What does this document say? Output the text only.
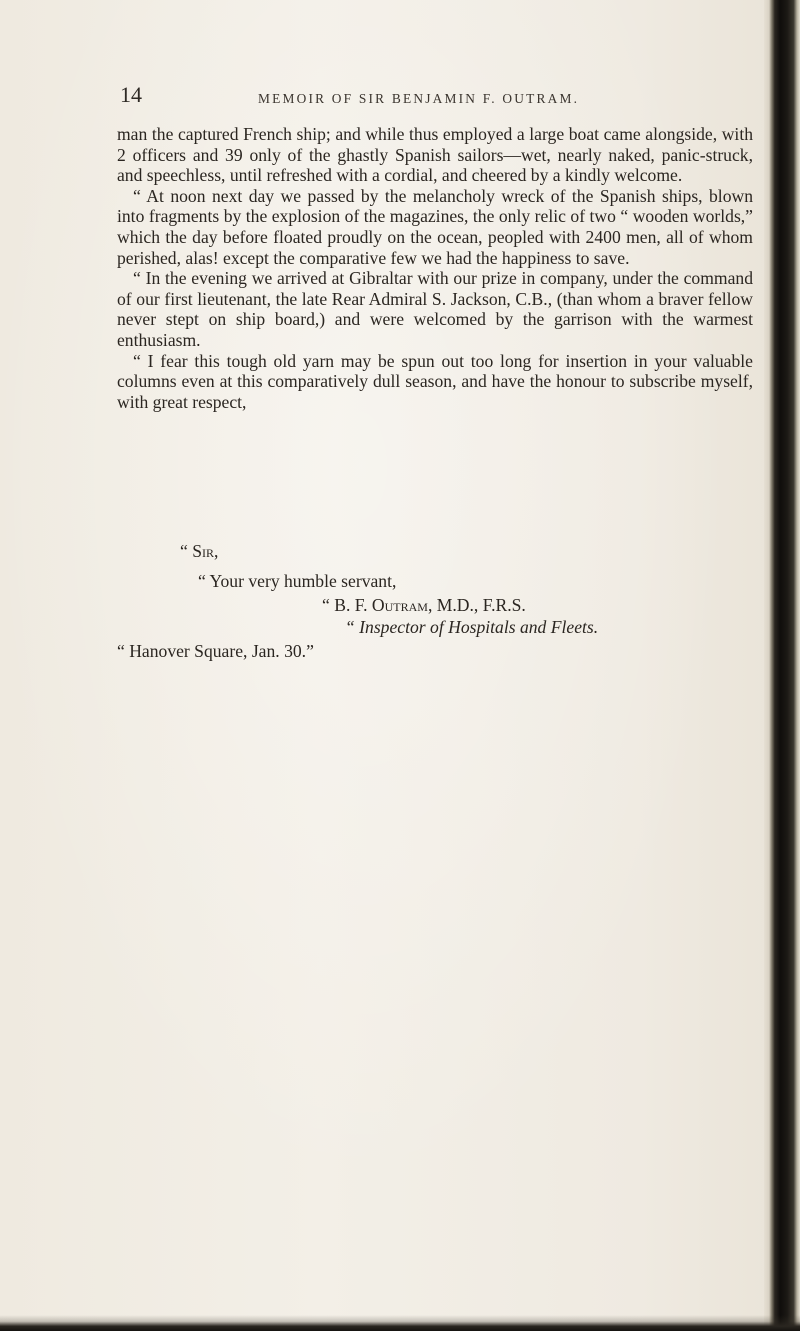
14	MEMOIR OF SIR BENJAMIN F. OUTRAM.

man the captured French ship; and while thus employed a large boat came alongside, with 2 officers and 39 only of the ghastly Spanish sailors—wet, nearly naked, panic-struck, and speechless, until refreshed with a cordial, and cheered by a kindly welcome.

“ At noon next day we passed by the melancholy wreck of the Spanish ships, blown into fragments by the explosion of the magazines, the only relic of two “ wooden worlds,” which the day before floated proudly on the ocean, peopled with 2400 men, all of whom perished, alas! except the comparative few we had the happiness to save.

“ In the evening we arrived at Gibraltar with our prize in company, under the command of our first lieutenant, the late Rear Admiral S. Jackson, C.B., (than whom a braver fellow never stept on ship board,) and were welcomed by the garrison with the warmest enthusiasm.

“ I fear this tough old yarn may be spun out too long for insertion in your valuable columns even at this comparatively dull season, and have the honour to subscribe myself, with great respect,

“ Sir,
“ Your very humble servant,
“ B. F. Outram, M.D., F.R.S.
“ Inspector of Hospitals and Fleets.
“ Hanover Square, Jan. 30.”
